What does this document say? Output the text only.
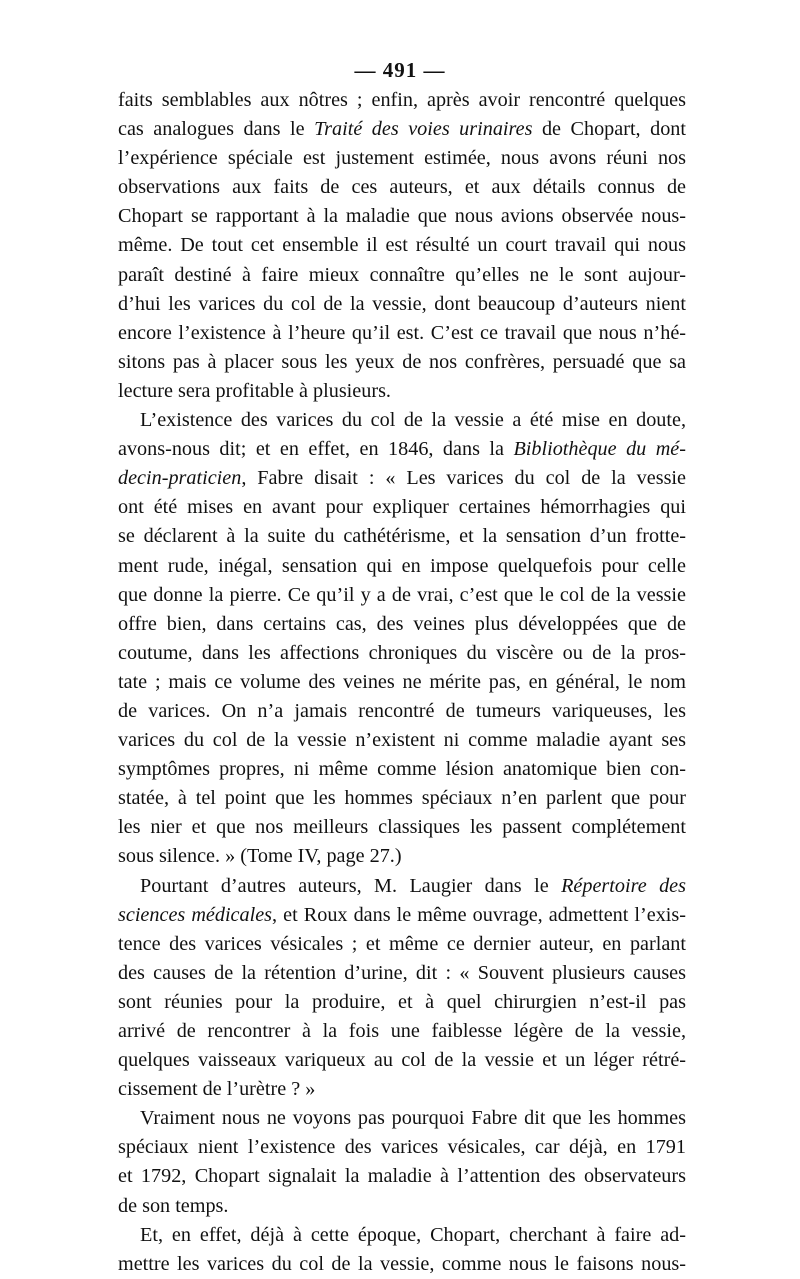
— 491 —
faits semblables aux nôtres ; enfin, après avoir rencontré quelques
cas analogues dans le Traité des voies urinaires de Chopart, dont
l’expérience spéciale est justement estimée, nous avons réuni nos
observations aux faits de ces auteurs, et aux détails connus de
Chopart se rapportant à la maladie que nous avions observée nous-
même. De tout cet ensemble il est résulté un court travail qui nous
paraît destiné à faire mieux connaître qu’elles ne le sont aujour-
d’hui les varices du col de la vessie, dont beaucoup d’auteurs nient
encore l’existence à l’heure qu’il est. C’est ce travail que nous n’hé-
sitons pas à placer sous les yeux de nos confrères, persuadé que sa
lecture sera profitable à plusieurs.
L’existence des varices du col de la vessie a été mise en doute,
avons-nous dit; et en effet, en 1846, dans la Bibliothèque du mé-
decin-praticien, Fabre disait : « Les varices du col de la vessie
ont été mises en avant pour expliquer certaines hémorrhagies qui
se déclarent à la suite du cathétérisme, et la sensation d’un frotte-
ment rude, inégal, sensation qui en impose quelquefois pour celle
que donne la pierre. Ce qu’il y a de vrai, c’est que le col de la vessie
offre bien, dans certains cas, des veines plus développées que de
coutume, dans les affections chroniques du viscère ou de la pros-
tate ; mais ce volume des veines ne mérite pas, en général, le nom
de varices. On n’a jamais rencontré de tumeurs variqueuses, les
varices du col de la vessie n’existent ni comme maladie ayant ses
symptômes propres, ni même comme lésion anatomique bien con-
statée, à tel point que les hommes spéciaux n’en parlent que pour
les nier et que nos meilleurs classiques les passent complétement
sous silence. » (Tome IV, page 27.)
Pourtant d’autres auteurs, M. Laugier dans le Répertoire des
sciences médicales, et Roux dans le même ouvrage, admettent l’exis-
tence des varices vésicales ; et même ce dernier auteur, en parlant
des causes de la rétention d’urine, dit : « Souvent plusieurs causes
sont réunies pour la produire, et à quel chirurgien n’est-il pas
arrivé de rencontrer à la fois une faiblesse légère de la vessie,
quelques vaisseaux variqueux au col de la vessie et un léger rétré-
cissement de l’urètre ? »
Vraiment nous ne voyons pas pourquoi Fabre dit que les hommes
spéciaux nient l’existence des varices vésicales, car déjà, en 1791
et 1792, Chopart signalait la maladie à l’attention des observateurs
de son temps.
Et, en effet, déjà à cette époque, Chopart, cherchant à faire ad-
mettre les varices du col de la vessie, comme nous le faisons nous-
